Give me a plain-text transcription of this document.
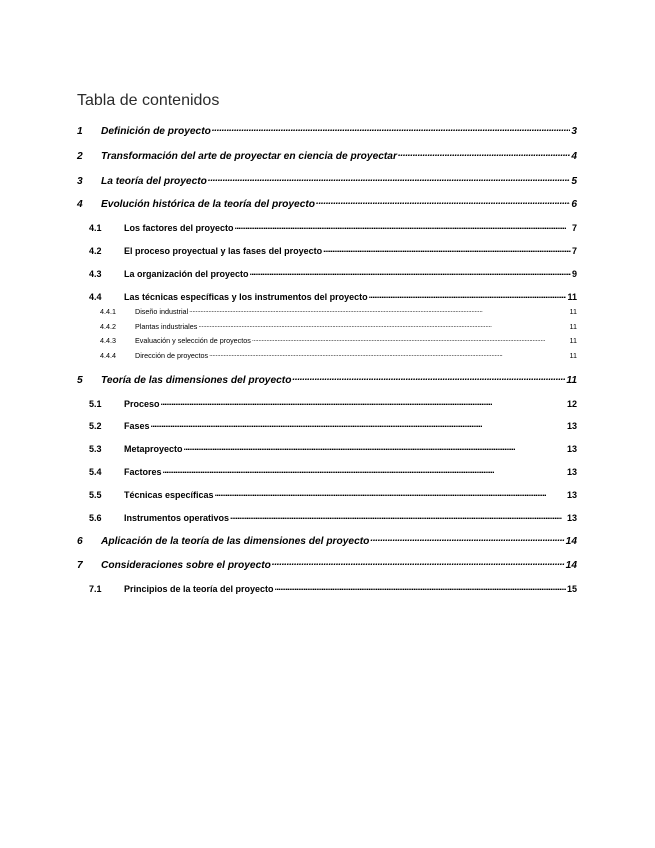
Tabla de contenidos
1	Definición de proyecto . . .	3
2	Transformación del arte de proyectar en ciencia de proyectar . . .	4
3	La teoría del proyecto . . .	5
4	Evolución histórica de la teoría del proyecto . . .	6
4.1	Los factores del proyecto . . .	7
4.2	El proceso proyectual y las fases del proyecto . . .	7
4.3	La organización del proyecto . . .	9
4.4	Las técnicas específicas y los instrumentos del proyecto . . .	11
4.4.1	Diseño industrial . . .	11
4.4.2	Plantas industriales . . .	11
4.4.3	Evaluación y selección de proyectos . . .	11
4.4.4	Dirección de proyectos . . .	11
5	Teoría de las dimensiones del proyecto . . .	11
5.1	Proceso . . .	12
5.2	Fases . . .	13
5.3	Metaproyecto . . .	13
5.4	Factores . . .	13
5.5	Técnicas específicas . . .	13
5.6	Instrumentos operativos . . .	13
6	Aplicación de la teoría de las dimensiones del proyecto . . .	14
7	Consideraciones sobre el proyecto . . .	14
7.1	Principios de la teoría del proyecto . . .	15
